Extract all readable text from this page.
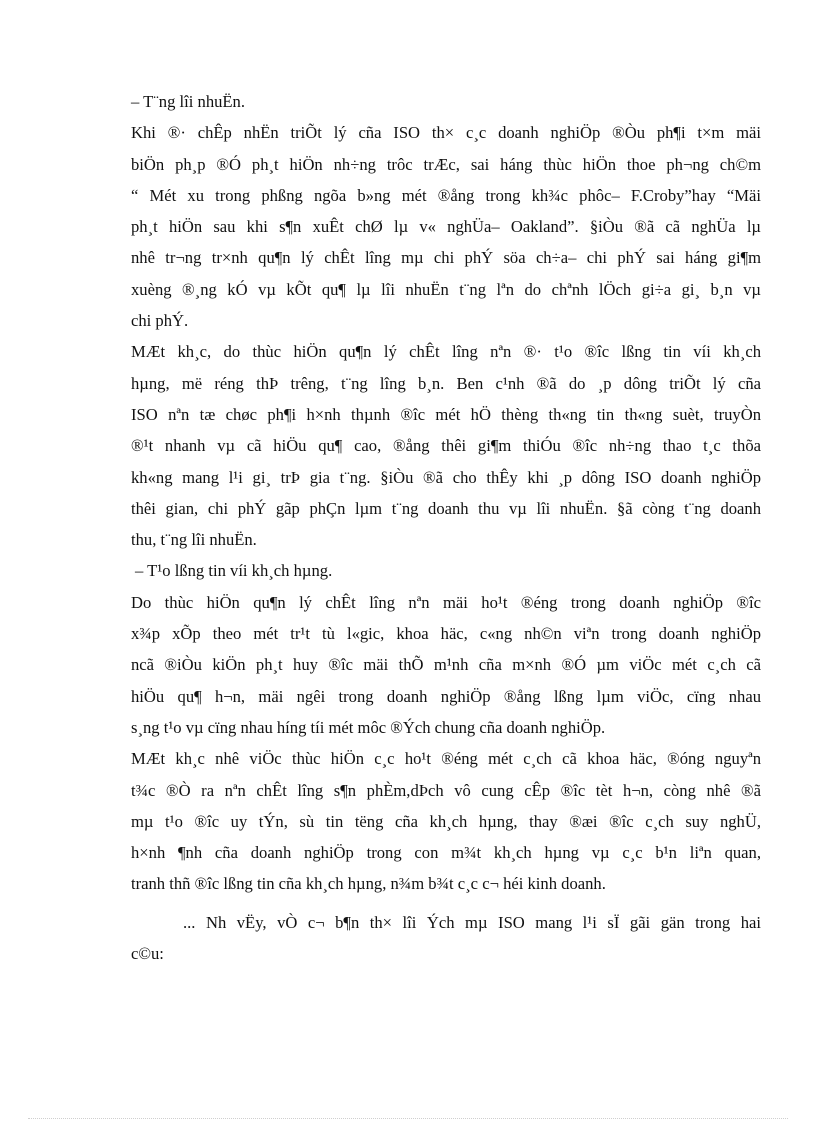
– T¨ng lîi nhuËn.
Khi ®· chÊp nhËn triÕt lý cña ISO th× c¸c doanh nghiÖp ®Òu ph¶i t×m mäi
biÖn ph¸p ®Ó ph¸t hiÖn nh÷ng trôc trÆc, sai háng thùc hiÖn thoe ph¬ng ch©m
“ Mét xu trong phßng ngõa b»ng mét ®ång trong kh¾c phôc– F.Croby”hay “Mäi
ph¸t hiÖn sau khi s¶n xuÊt chØ lµ v« nghÜa– Oakland”. §iÒu ®ã cã nghÜa lµ
nhê tr¬ng tr×nh qu¶n lý chÊt lîng mµ chi phÝ söa ch÷a– chi phÝ sai háng gi¶m
xuèng ®¸ng kÓ vµ kÕt qu¶ lµ lîi nhuËn t¨ng lªn do chªnh lÖch gi÷a gi¸ b¸n vµ
chi phÝ.
MÆt kh¸c, do thùc hiÖn qu¶n lý chÊt lîng nªn ®· t¹o ®îc lßng tin víi kh¸ch
hµng, më réng thÞ trêng, t¨ng lîng b¸n. Ben c¹nh ®ã do ¸p dông triÕt lý cña
ISO nªn tæ chøc ph¶i h×nh thµnh ®îc mét hÖ thèng th«ng tin th«ng suèt, truyÒn
®¹t nhanh vµ cã hiÖu qu¶ cao, ®ång thêi gi¶m thiÓu ®îc nh÷ng thao t¸c thõa
kh«ng mang l¹i gi¸ trÞ gia t¨ng. §iÒu ®ã cho thÊy khi ¸p dông ISO doanh nghiÖp
thêi gian, chi phÝ gãp phÇn lµm t¨ng doanh thu vµ lîi nhuËn. §ã còng t¨ng doanh
thu, t¨ng lîi nhuËn.
– T¹o lßng tin víi kh¸ch hµng.
Do thùc hiÖn qu¶n lý chÊt lîng nªn mäi ho¹t ®éng trong doanh nghiÖp ®îc
x¾p xÕp theo mét tr¹t tù l«gic, khoa häc, c«ng nh©n viªn trong doanh nghiÖp
ncã ®iÒu kiÖn ph¸t huy ®îc mäi thÕ m¹nh cña m×nh ®Ó µm viÖc mét c¸ch cã
hiÖu qu¶ h¬n, mäi ngêi trong doanh nghiÖp ®ång lßng lµm viÖc, cïng nhau
s¸ng t¹o vµ cïng nhau híng tíi mét môc ®Ých chung cña doanh nghiÖp.
MÆt kh¸c nhê viÖc thùc hiÖn c¸c ho¹t ®éng mét c¸ch cã khoa häc, ®óng nguyªn
t¾c ®Ò ra nªn chÊt lîng s¶n phÈm,dÞch vô cung cÊp ®îc tèt h¬n, còng nhê ®ã
mµ t¹o ®îc uy tÝn, sù tin tëng cña kh¸ch hµng, thay ®æi ®îc c¸ch suy nghÜ,
h×nh ¶nh cña doanh nghiÖp trong con m¾t kh¸ch hµng vµ c¸c b¹n liªn quan,
tranh thñ ®îc lßng tin cña kh¸ch hµng, n¾m b¾t c¸c c¬ héi kinh doanh.
... Nh vËy, vÒ c¬ b¶n th× lîi Ých mµ ISO mang l¹i sÏ gãi gän trong hai
c©u:
